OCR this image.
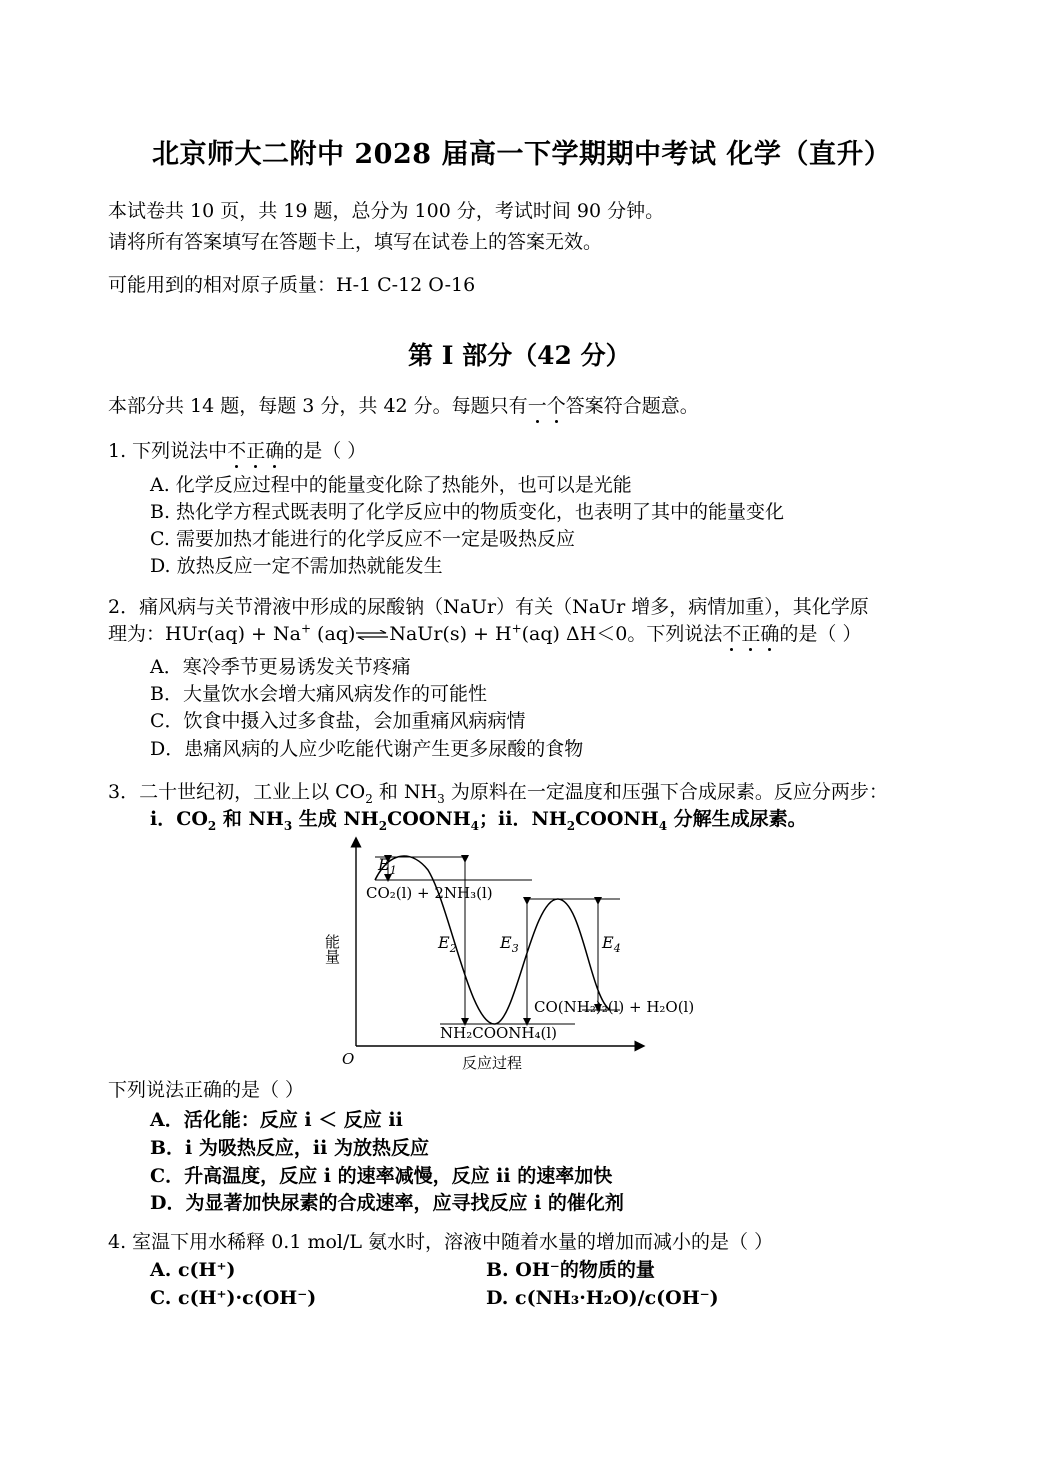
北京师大二附中 2028 届高一下学期期中考试 化学（直升）
本试卷共 10 页，共 19 题，总分为 100 分，考试时间 90 分钟。
请将所有答案填写在答题卡上，填写在试卷上的答案无效。
可能用到的相对原子质量：H-1 C-12 O-16
第 I 部分（42 分）
本部分共 14 题，每题 3 分，共 42 分。每题只有一个答案符合题意。
1. 下列说法中不正确的是（ ）
A. 化学反应过程中的能量变化除了热能外，也可以是光能
B. 热化学方程式既表明了化学反应中的物质变化，也表明了其中的能量变化
C. 需要加热才能进行的化学反应不一定是吸热反应
D. 放热反应一定不需加热就能发生
2．痛风病与关节滑液中形成的尿酸钠（NaUr）有关（NaUr 增多，病情加重），其化学原
理为：HUr(aq) + Na+ (aq)⇌NaUr(s) + H+(aq) ΔH＜0。下列说法不正确的是（ ）
A．寒冷季节更易诱发关节疼痛
B．大量饮水会增大痛风病发作的可能性
C．饮食中摄入过多食盐，会加重痛风病病情
D．患痛风病的人应少吃能代谢产生更多尿酸的食物
3．二十世纪初，工业上以 $CO_2$ 和 $NH_3$ 为原料在一定温度和压强下合成尿素。反应分两步：
i．$CO_2$ 和 $NH_3$ 生成 $NH_2COONH_4$；ii．$NH_2COONH_4$ 分解生成尿素。
$E_1$
$E_2$	$E_3$	$E_4$
CO₂(l) + 2NH₃(l)
NH₂COONH₄(l)
CO(NH₂)₂(l) + H₂O(l)
能量
O	反应过程
下列说法正确的是（ ）
A．活化能：反应 i ＜ 反应 ii
B．i 为吸热反应，ii 为放热反应
C．升高温度，反应 i 的速率减慢，反应 ii 的速率加快
D．为显著加快尿素的合成速率，应寻找反应 i 的催化剂
4. 室温下用水稀释 0.1 mol/L 氨水时，溶液中随着水量的增加而减小的是（ ）
A. c(H⁺)	B. OH⁻的物质的量
C. c(H⁺)·c(OH⁻)	D. c(NH₃·H₂O)/c(OH⁻)
